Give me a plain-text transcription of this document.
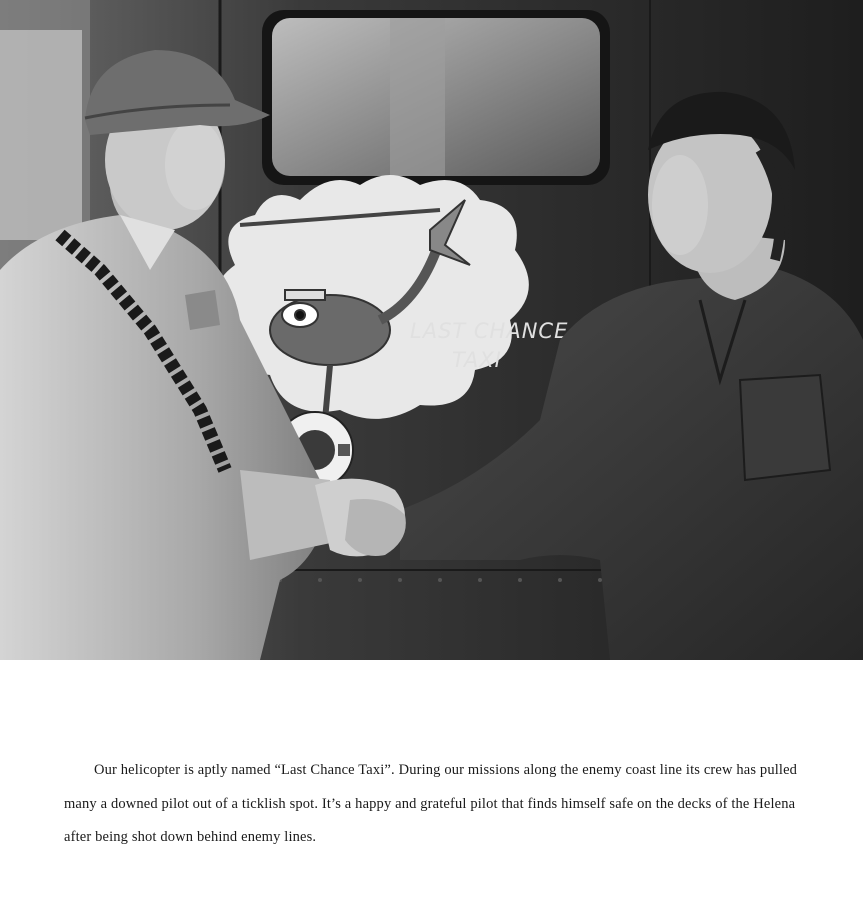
LAST CHANCE
TAXI

Our helicopter is aptly named “Last Chance Taxi”. During our missions along the enemy coast line its crew has pulled many a downed pilot out of a ticklish spot. It’s a happy and grateful pilot that finds himself safe on the decks of the Helena after being shot down behind enemy lines.
